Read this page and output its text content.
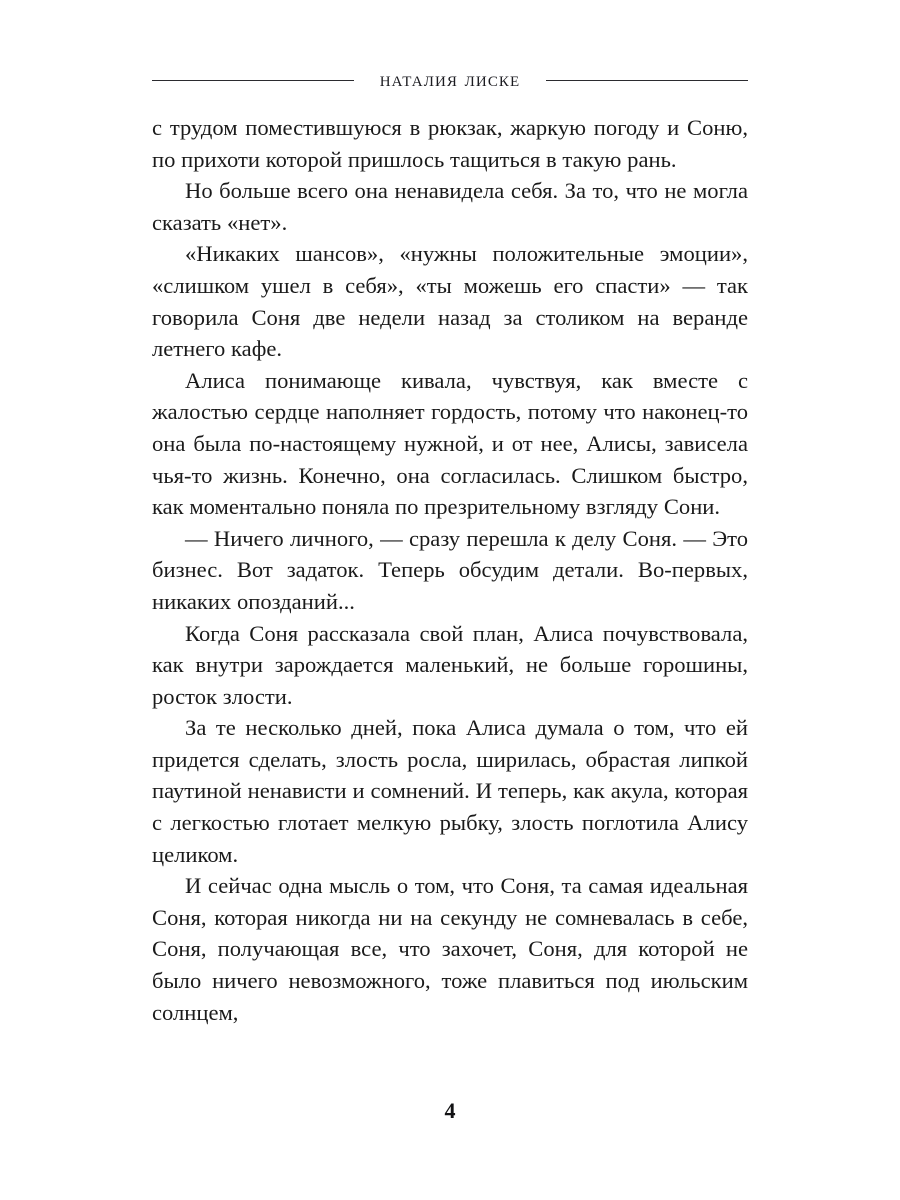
наталия лиске

с трудом поместившуюся в рюкзак, жаркую погоду и Соню, по прихоти которой пришлось тащиться в такую рань.

Но больше всего она ненавидела себя. За то, что не могла сказать «нет».

«Никаких шансов», «нужны положительные эмоции», «слишком ушел в себя», «ты можешь его спасти» — так говорила Соня две недели назад за столиком на веранде летнего кафе.

Алиса понимающе кивала, чувствуя, как вместе с жалостью сердце наполняет гордость, потому что наконец-то она была по-настоящему нужной, и от нее, Алисы, зависела чья-то жизнь. Конечно, она согласилась. Слишком быстро, как моментально поняла по презрительному взгляду Сони.

— Ничего личного, — сразу перешла к делу Соня. — Это бизнес. Вот задаток. Теперь обсудим детали. Во-первых, никаких опозданий...

Когда Соня рассказала свой план, Алиса почувствовала, как внутри зарождается маленький, не больше горошины, росток злости.

За те несколько дней, пока Алиса думала о том, что ей придется сделать, злость росла, ширилась, обрастая липкой паутиной ненависти и сомнений. И теперь, как акула, которая с легкостью глотает мелкую рыбку, злость поглотила Алису целиком.

И сейчас одна мысль о том, что Соня, та самая идеальная Соня, которая никогда ни на секунду не сомневалась в себе, Соня, получающая все, что захочет, Соня, для которой не было ничего невозможного, тоже плавиться под июльским солнцем,

4
